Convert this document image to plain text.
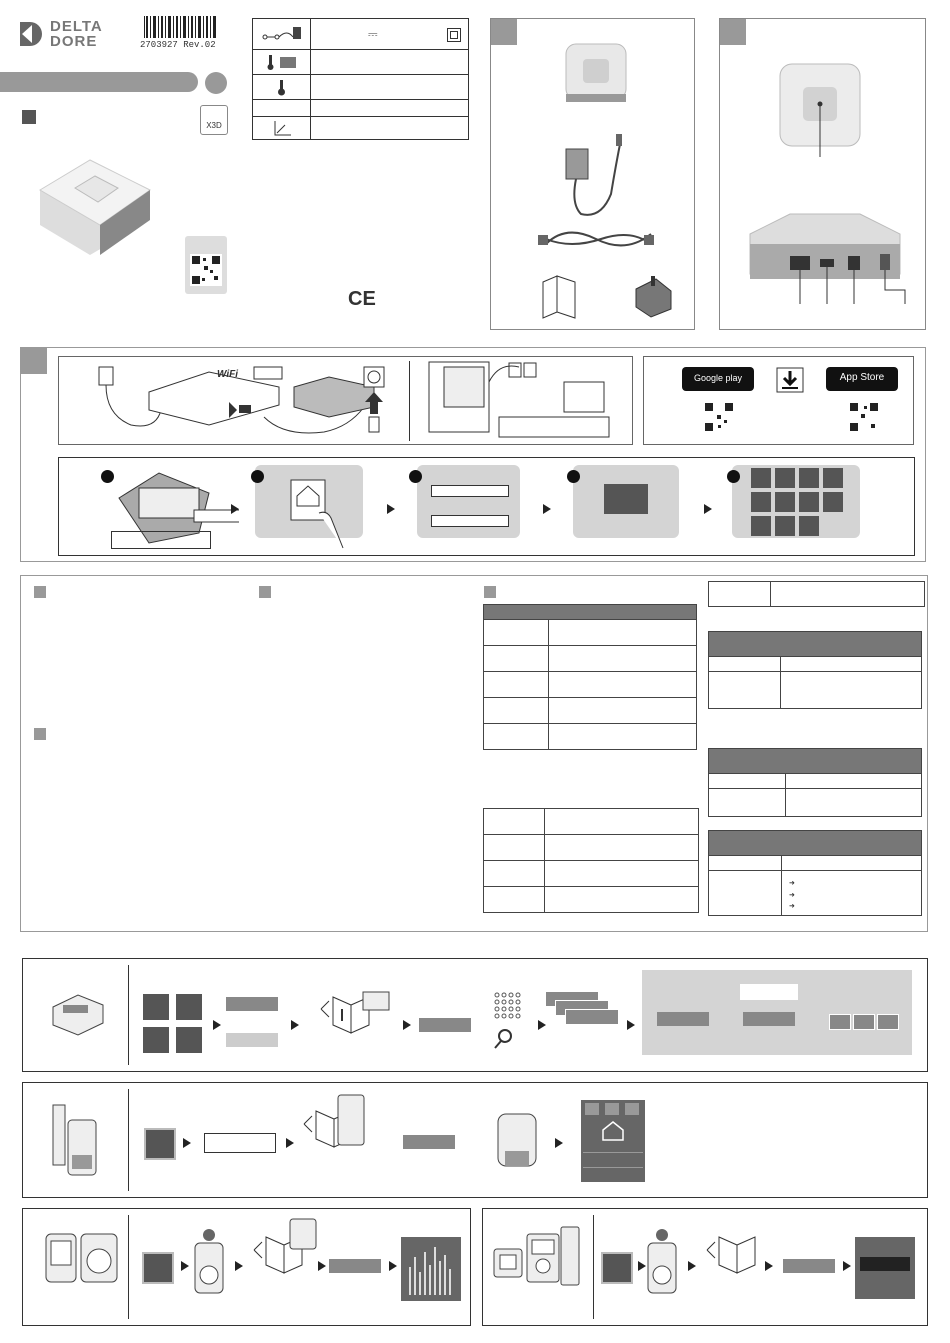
DELTA
DORE	2703927 Rev.02
X3D
⎓
CE
WiFi	Google play	App Store
➜
➜
➜
